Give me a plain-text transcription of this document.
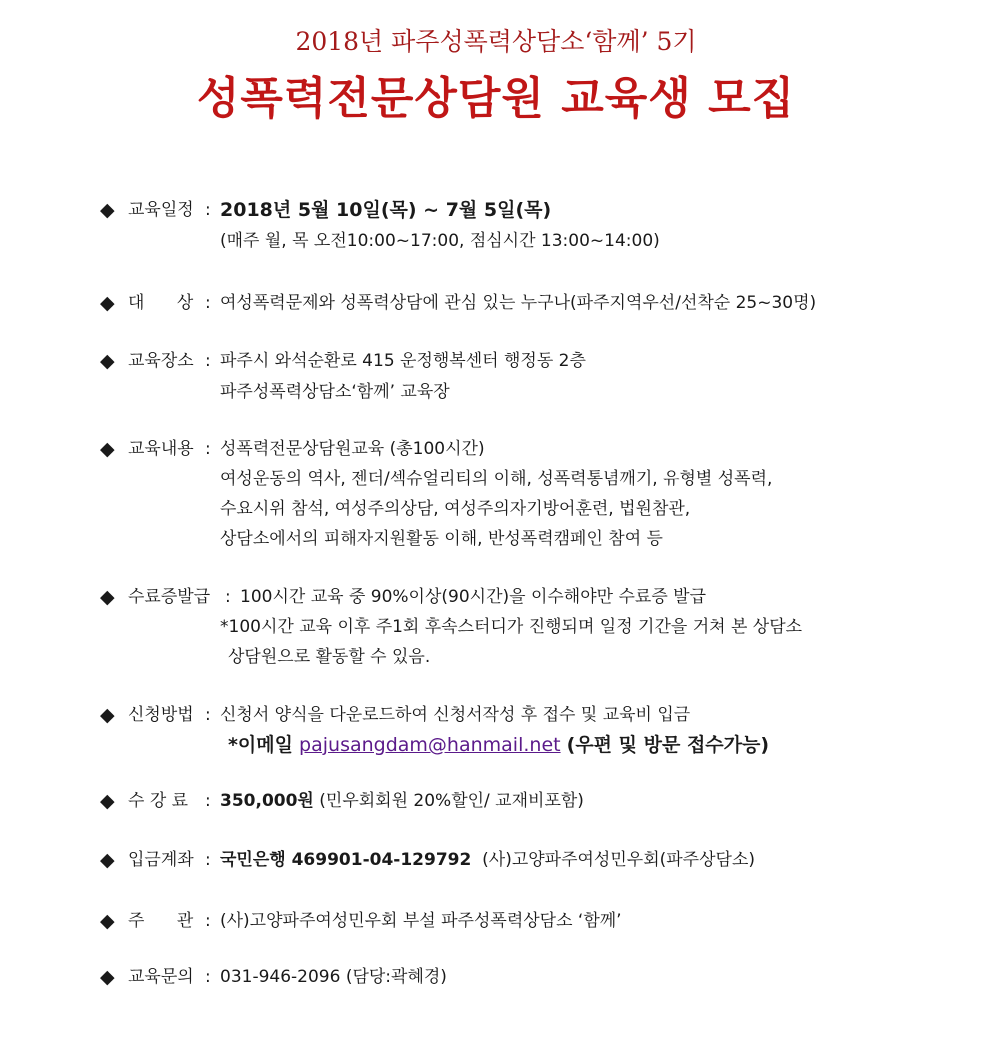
2018년 파주성폭력상담소‘함께’ 5기
성폭력전문상담원 교육생 모집
◆ 교육일정 : 2018년 5월 10일(목) ~ 7월 5일(목)
(매주 월, 목 오전10:00~17:00, 점심시간 13:00~14:00)
◆ 대      상 : 여성폭력문제와 성폭력상담에 관심 있는 누구나(파주지역우선/선착순 25~30명)
◆ 교육장소 : 파주시 와석순환로 415 운정행복센터 행정동 2층
파주성폭력상담소‘함께’ 교육장
◆ 교육내용 : 성폭력전문상담원교육 (총100시간)
여성운동의 역사, 젠더/섹슈얼리티의 이해, 성폭력통념깨기, 유형별 성폭력,
수요시위 참석, 여성주의상담, 여성주의자기방어훈련, 법원참관,
상담소에서의 피해자지원활동 이해, 반성폭력캠페인 참여 등
◆ 수료증발급 : 100시간 교육 중 90%이상(90시간)을 이수해야만 수료증 발급
*100시간 교육 이후 주1회 후속스터디가 진행되며 일정 기간을 거쳐 본 상담소
상담원으로 활동할 수 있음.
◆ 신청방법 : 신청서 양식을 다운로드하여 신청서작성 후 접수 및 교육비 입금
*이메일 pajusangdam@hanmail.net (우편 및 방문 접수가능)
◆ 수 강 료 : 350,000원 (민우회회원 20%할인/ 교재비포함)
◆ 입금계좌 : 국민은행 469901-04-129792 (사)고양파주여성민우회(파주상담소)
◆ 주      관 : (사)고양파주여성민우회 부설 파주성폭력상담소 ‘함께’
◆ 교육문의 : 031-946-2096 (담당:곽혜경)
